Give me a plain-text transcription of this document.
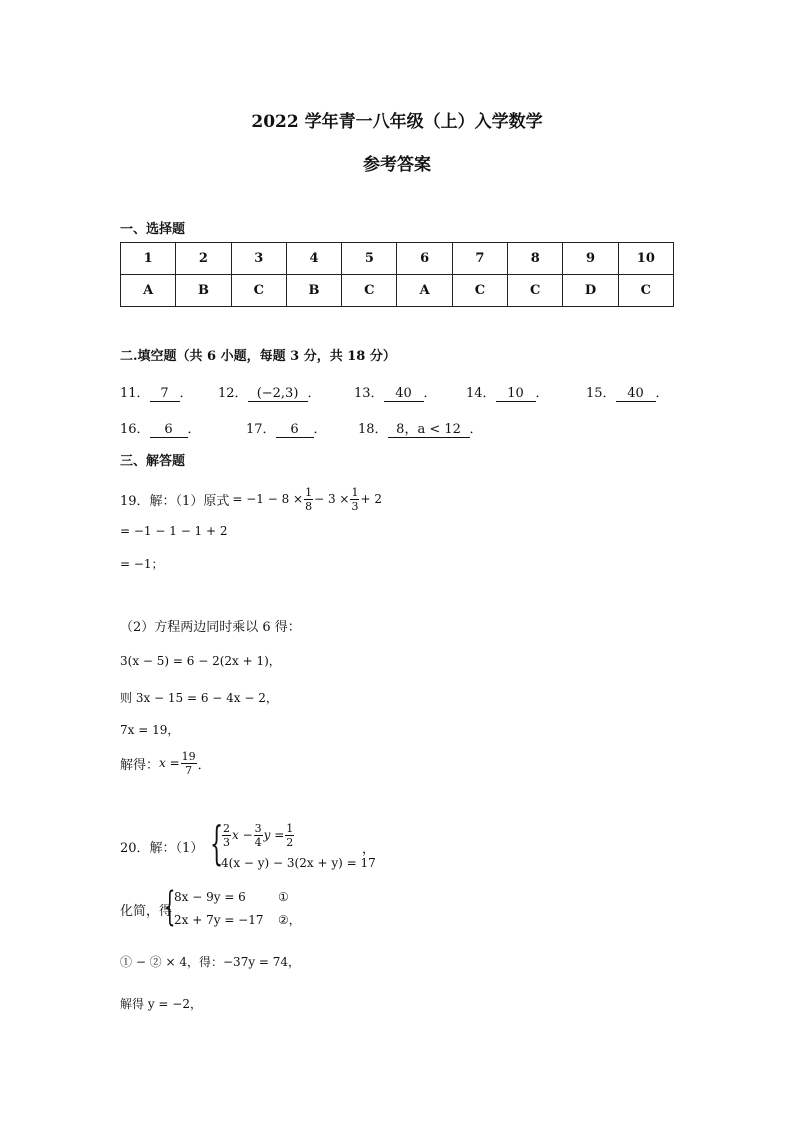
2022 学年青一八年级（上）入学数学
参考答案
一、选择题
1	2	3	4	5	6	7	8	9	10
A	B	C	B	C	A	C	C	D	C
二.填空题（共 6 小题，每题 3 分，共 18 分）
11． 7 ． 12． (−2,3) ．	13． 40 ． 14． 10 ．	15． 40 ．
16． 6 ．	17． 6 ． 18． 8，a < 12 ．
三、解答题
19．解：（1）原式 = $-1 - 8 \times \frac{1}{8} - 3 \times \frac{1}{3} + 2$
= −1 − 1 − 1 + 2
= −1；
（2）方程两边同时乘以 6 得：
3(x − 5) = 6 − 2(2x + 1)，
则 3x − 15 = 6 − 4x − 2，
7x = 19，
解得： $x = \frac{19}{7}$ ．
20．解：（1） {
$\frac{2}{3}$ $x - \frac{3}{4}$ $y = \frac{1}{2}$
4(x − y) − 3(2x + y) = 17
，
化简，得
{
8x − 9y = 6	①
2x + 7y = −17 ②，
① − ② × 4，得：−37y = 74，
解得 y = −2，
